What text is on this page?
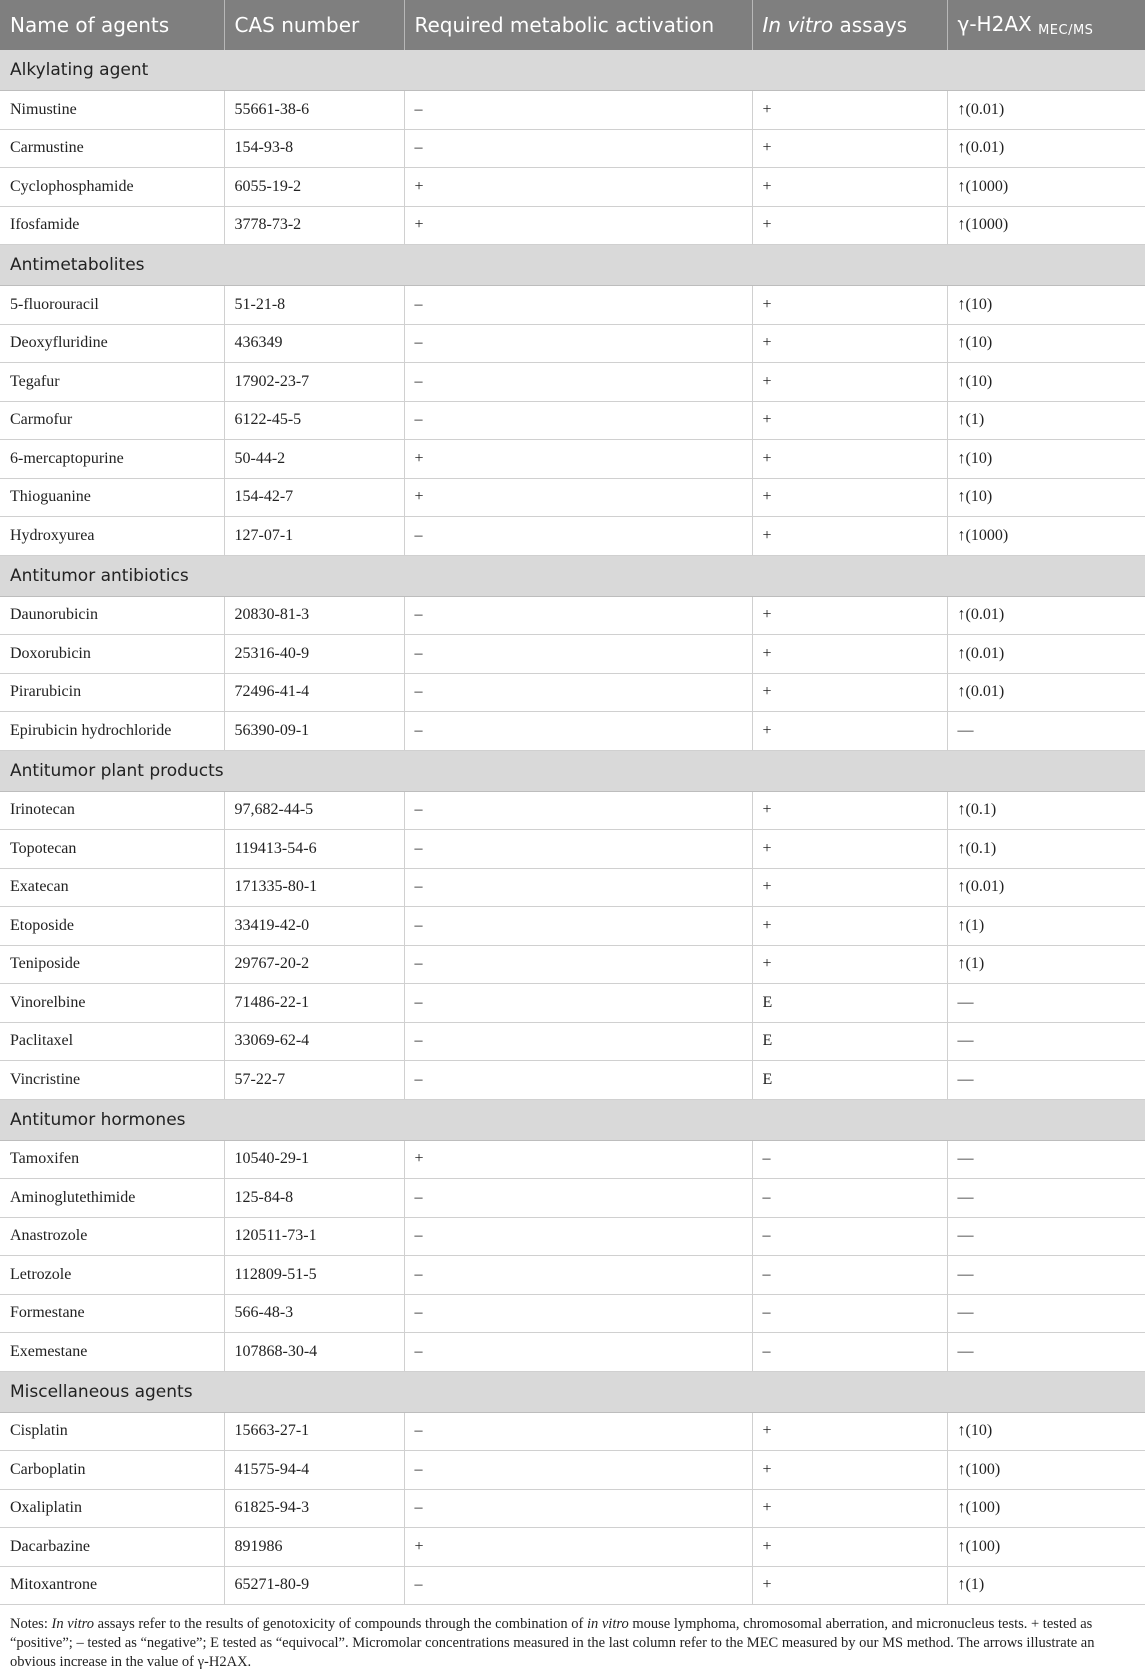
Name of agents	CAS number	Required metabolic activation	In vitro assays	γ-H2AX $_{MEC/MS}$
Alkylating agent				
Nimustine	55661-38-6	–	+	↑(0.01)
Carmustine	154-93-8	–	+	↑(0.01)
Cyclophosphamide	6055-19-2	+	+	↑(1000)
Ifosfamide	3778-73-2	+	+	↑(1000)
Antimetabolites				
5-fluorouracil	51-21-8	–	+	↑(10)
Deoxyfluridine	436349	–	+	↑(10)
Tegafur	17902-23-7	–	+	↑(10)
Carmofur	6122-45-5	–	+	↑(1)
6-mercaptopurine	50-44-2	+	+	↑(10)
Thioguanine	154-42-7	+	+	↑(10)
Hydroxyurea	127-07-1	–	+	↑(1000)
Antitumor antibiotics				
Daunorubicin	20830-81-3	–	+	↑(0.01)
Doxorubicin	25316-40-9	–	+	↑(0.01)
Pirarubicin	72496-41-4	–	+	↑(0.01)
Epirubicin hydrochloride	56390-09-1	–	+	—
Antitumor plant products				
Irinotecan	97,682-44-5	–	+	↑(0.1)
Topotecan	119413-54-6	–	+	↑(0.1)
Exatecan	171335-80-1	–	+	↑(0.01)
Etoposide	33419-42-0	–	+	↑(1)
Teniposide	29767-20-2	–	+	↑(1)
Vinorelbine	71486-22-1	–	E	—
Paclitaxel	33069-62-4	–	E	—
Vincristine	57-22-7	–	E	—
Antitumor hormones				
Tamoxifen	10540-29-1	+	–	—
Aminoglutethimide	125-84-8	–	–	—
Anastrozole	120511-73-1	–	–	—
Letrozole	112809-51-5	–	–	—
Formestane	566-48-3	–	–	—
Exemestane	107868-30-4	–	–	—
Miscellaneous agents				
Cisplatin	15663-27-1	–	+	↑(10)
Carboplatin	41575-94-4	–	+	↑(100)
Oxaliplatin	61825-94-3	–	+	↑(100)
Dacarbazine	891986	+	+	↑(100)
Mitoxantrone	65271-80-9	–	+	↑(1)
Notes: In vitro assays refer to the results of genotoxicity of compounds through the combination of in vitro mouse lymphoma, chromosomal aberration, and micronucleus tests. + tested as “positive”; – tested as “negative”; E tested as “equivocal”. Micromolar concentrations measured in the last column refer to the MEC measured by our MS method. The arrows illustrate an obvious increase in the value of γ-H2AX.
